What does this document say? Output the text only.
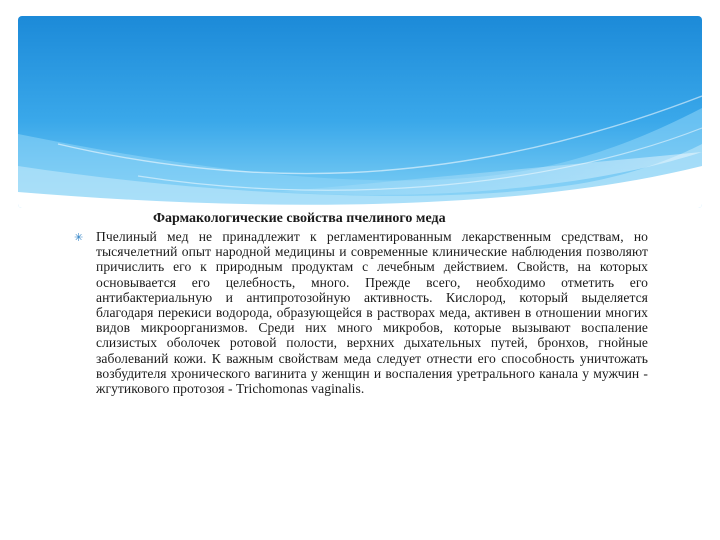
Фармакологические свойства пчелиного меда
✳ Пчелиный мед не принадлежит к регламентированным лекарственным средствам, но тысячелетний опыт народной медицины и современные клинические наблюдения позволяют причислить его к природным продуктам с лечебным действием. Свойств, на которых основывается его целебность, много. Прежде всего, необходимо отметить его антибактериальную и антипротозойную активность. Кислород, который выделяется благодаря перекиси водорода, образующейся в растворах меда, активен в отношении многих видов микроорганизмов. Среди них много микробов, которые вызывают воспаление слизистых оболочек ротовой полости, верхних дыхательных путей, бронхов, гнойные заболеваний кожи. К важным свойствам меда следует отнести его способность уничтожать возбудителя хронического вагинита у женщин и воспаления уретрального канала у мужчин - жгутикового протозоя - Trichomonas vaginalis.
